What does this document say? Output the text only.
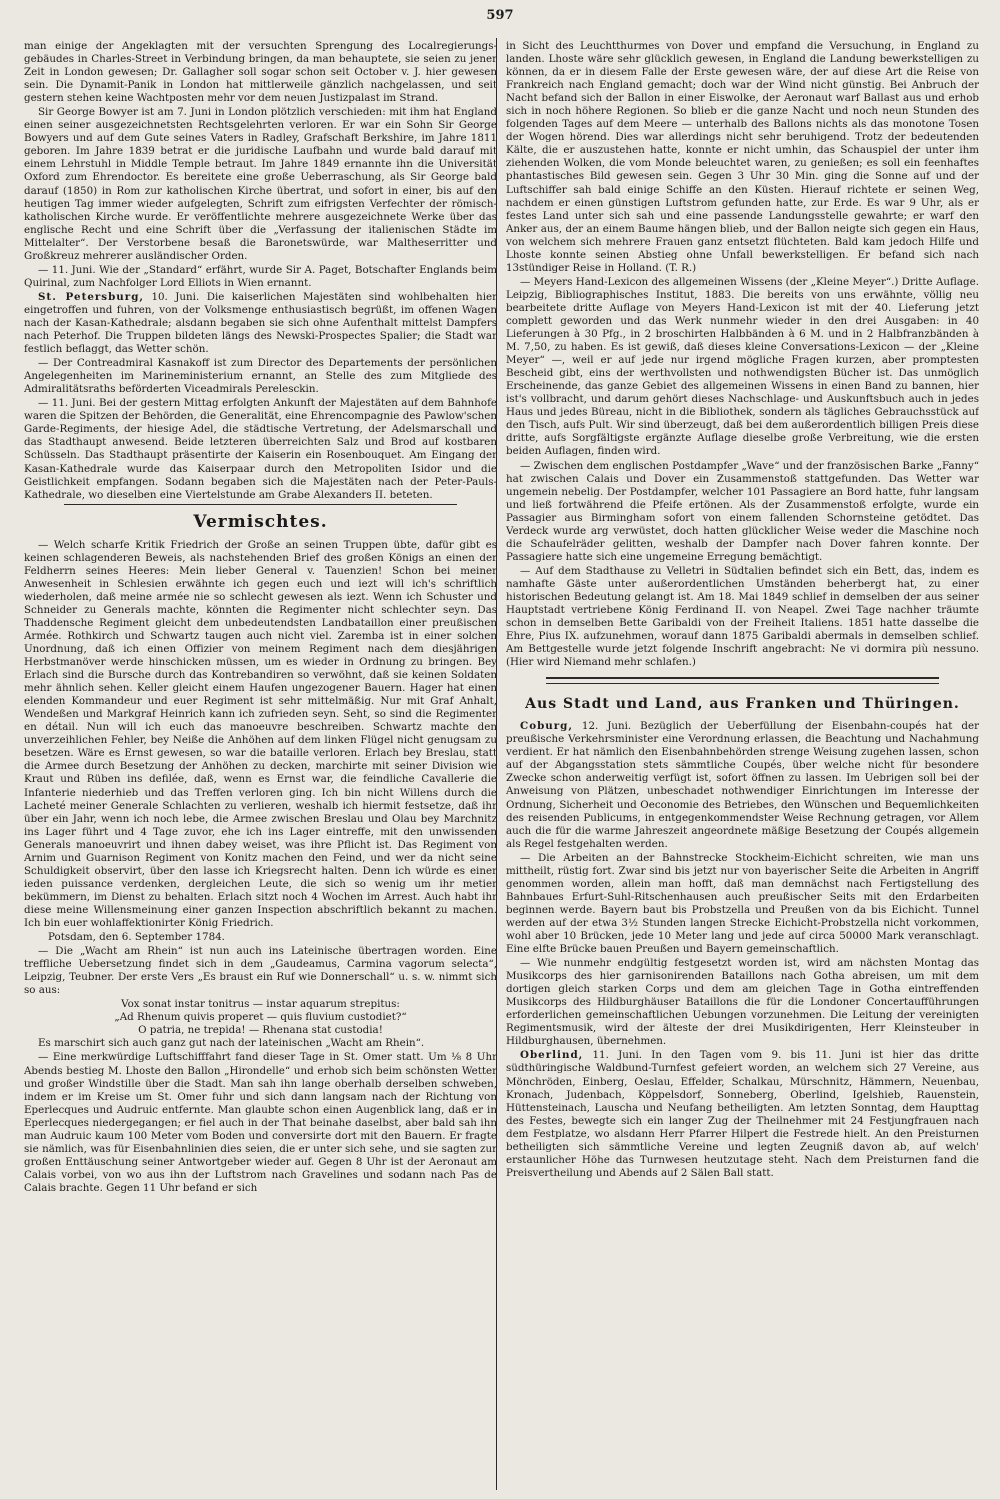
597

man einige der Angeklagten mit der versuchten Sprengung des Localregierungs-gebäudes in Charles-Street in Verbindung bringen, da man behauptete, sie seien zu jener Zeit in London gewesen; Dr. Gallagher soll sogar schon seit October v. J. hier gewesen sein. Die Dynamit-Panik in London hat mittlerweile gänzlich nachgelassen, und seit gestern stehen keine Wachtposten mehr vor dem neuen Justizpalast im Strand.

Sir George Bowyer ist am 7. Juni in London plötzlich verschieden: mit ihm hat England einen seiner ausgezeichnetsten Rechtsgelehrten verloren. Er war ein Sohn Sir George Bowyers und auf dem Gute seines Vaters in Radley, Grafschaft Berkshire, im Jahre 1811 geboren. Im Jahre 1839 betrat er die juridische Laufbahn und wurde bald darauf mit einem Lehrstuhl in Middle Temple betraut. Im Jahre 1849 ernannte ihn die Universität Oxford zum Ehrendoctor. Es bereitete eine große Ueberraschung, als Sir George bald darauf (1850) in Rom zur katholischen Kirche übertrat, und sofort in einer, bis auf den heutigen Tag immer wieder aufgelegten, Schrift zum eifrigsten Verfechter der römisch-katholischen Kirche wurde. Er veröffentlichte mehrere ausgezeichnete Werke über das englische Recht und eine Schrift über die „Verfassung der italienischen Städte im Mittelalter“. Der Verstorbene besaß die Baronetswürde, war Maltheserritter und Großkreuz mehrerer ausländischer Orden.

— 11. Juni. Wie der „Standard“ erfährt, wurde Sir A. Paget, Botschafter Englands beim Quirinal, zum Nachfolger Lord Elliots in Wien ernannt.

St. Petersburg, 10. Juni. Die kaiserlichen Majestäten sind wohlbehalten hier eingetroffen und fuhren, von der Volksmenge enthusiastisch begrüßt, im offenen Wagen nach der Kasan-Kathedrale; alsdann begaben sie sich ohne Aufenthalt mittelst Dampfers nach Peterhof. Die Truppen bildeten längs des Newski-Prospectes Spalier; die Stadt war festlich beflaggt, das Wetter schön.

— Der Contreadmiral Kasnakoff ist zum Director des Departements der persönlichen Angelegenheiten im Marineministerium ernannt, an Stelle des zum Mitgliede des Admiralitätsraths beförderten Viceadmirals Perelesckin.

— 11. Juni. Bei der gestern Mittag erfolgten Ankunft der Majestäten auf dem Bahnhofe waren die Spitzen der Behörden, die Generalität, eine Ehrencompagnie des Pawlow'schen Garde-Regiments, der hiesige Adel, die städtische Vertretung, der Adelsmarschall und das Stadthaupt anwesend. Beide letzteren überreichten Salz und Brod auf kostbaren Schüsseln. Das Stadthaupt präsentirte der Kaiserin ein Rosenbouquet. Am Eingang der Kasan-Kathedrale wurde das Kaiserpaar durch den Metropoliten Isidor und die Geistlichkeit empfangen. Sodann begaben sich die Majestäten nach der Peter-Pauls-Kathedrale, wo dieselben eine Viertelstunde am Grabe Alexanders II. beteten.

Vermischtes.

— Welch scharfe Kritik Friedrich der Große an seinen Truppen übte, dafür gibt es keinen schlagenderen Beweis, als nachstehenden Brief des großen Königs an einen der Feldherrn seines Heeres: Mein lieber General v. Tauenzien! Schon bei meiner Anwesenheit in Schlesien erwähnte ich gegen euch und iezt will ich's schriftlich wiederholen, daß meine armée nie so schlecht gewesen als iezt. Wenn ich Schuster und Schneider zu Generals machte, könnten die Regimenter nicht schlechter seyn. Das Thaddensche Regiment gleicht dem unbedeutendsten Landbataillon einer preußischen Armée. Rothkirch und Schwartz taugen auch nicht viel. Zaremba ist in einer solchen Unordnung, daß ich einen Offizier von meinem Regiment nach dem diesjährigen Herbstmanöver werde hinschicken müssen, um es wieder in Ordnung zu bringen. Bey Erlach sind die Bursche durch das Kontrebandiren so verwöhnt, daß sie keinen Soldaten mehr ähnlich sehen. Keller gleicht einem Haufen ungezogener Bauern. Hager hat einen elenden Kommandeur und euer Regiment ist sehr mittelmäßig. Nur mit Graf Anhalt, Wendeßen und Markgraf Heinrich kann ich zufrieden seyn. Seht, so sind die Regimenter en détail. Nun will ich euch das manoeuvre beschreiben. Schwartz machte den unverzeihlichen Fehler, bey Neiße die Anhöhen auf dem linken Flügel nicht genugsam zu besetzen. Wäre es Ernst gewesen, so war die bataille verloren. Erlach bey Breslau, statt die Armee durch Besetzung der Anhöhen zu decken, marchirte mit seiner Division wie Kraut und Rüben ins defilée, daß, wenn es Ernst war, die feindliche Cavallerie die Infanterie niederhieb und das Treffen verloren ging. Ich bin nicht Willens durch die Lacheté meiner Generale Schlachten zu verlieren, weshalb ich hiermit festsetze, daß ihr über ein Jahr, wenn ich noch lebe, die Armee zwischen Breslau und Olau bey Marchnitz ins Lager führt und 4 Tage zuvor, ehe ich ins Lager eintreffe, mit den unwissenden Generals manoeuvrirt und ihnen dabey weiset, was ihre Pflicht ist. Das Regiment von Arnim und Guarnison Regiment von Konitz machen den Feind, und wer da nicht seine Schuldigkeit observirt, über den lasse ich Kriegsrecht halten. Denn ich würde es einer ieden puissance verdenken, dergleichen Leute, die sich so wenig um ihr metier bekümmern, im Dienst zu behalten. Erlach sitzt noch 4 Wochen im Arrest. Auch habt ihr diese meine Willensmeinung einer ganzen Inspection abschriftlich bekannt zu machen. Ich bin euer wohlaffektionirter König Friedrich.

Potsdam, den 6. September 1784.

— Die „Wacht am Rhein“ ist nun auch ins Lateinische übertragen worden. Eine treffliche Uebersetzung findet sich in dem „Gaudeamus, Carmina vagorum selecta“, Leipzig, Teubner. Der erste Vers „Es braust ein Ruf wie Donnerschall“ u. s. w. nimmt sich so aus:

Vox sonat instar tonitrus — instar aquarum strepitus:

„Ad Rhenum quivis properet — quis fluvium custodiet?“

O patria, ne trepida! — Rhenana stat custodia!

Es marschirt sich auch ganz gut nach der lateinischen „Wacht am Rhein“.

— Eine merkwürdige Luftschifffahrt fand dieser Tage in St. Omer statt. Um ⅛ 8 Uhr Abends bestieg M. Lhoste den Ballon „Hirondelle“ und erhob sich beim schönsten Wetter und großer Windstille über die Stadt. Man sah ihn lange oberhalb derselben schweben, indem er im Kreise um St. Omer fuhr und sich dann langsam nach der Richtung von Eperlecques und Audruic entfernte. Man glaubte schon einen Augenblick lang, daß er in Eperlecques niedergegangen; er fiel auch in der That beinahe daselbst, aber bald sah ihn man Audruic kaum 100 Meter vom Boden und conversirte dort mit den Bauern. Er fragte sie nämlich, was für Eisenbahnlinien dies seien, die er unter sich sehe, und sie sagten zur großen Enttäuschung seiner Antwortgeber wieder auf. Gegen 8 Uhr ist der Aeronaut am Calais vorbei, von wo aus ihn der Luftstrom nach Gravelines und sodann nach Pas de Calais brachte. Gegen 11 Uhr befand er sich

in Sicht des Leuchtthurmes von Dover und empfand die Versuchung, in England zu landen. Lhoste wäre sehr glücklich gewesen, in England die Landung bewerkstelligen zu können, da er in diesem Falle der Erste gewesen wäre, der auf diese Art die Reise von Frankreich nach England gemacht; doch war der Wind nicht günstig. Bei Anbruch der Nacht befand sich der Ballon in einer Eiswolke, der Aeronaut warf Ballast aus und erhob sich in noch höhere Regionen. So blieb er die ganze Nacht und noch neun Stunden des folgenden Tages auf dem Meere — unterhalb des Ballons nichts als das monotone Tosen der Wogen hörend. Dies war allerdings nicht sehr beruhigend. Trotz der bedeutenden Kälte, die er auszustehen hatte, konnte er nicht umhin, das Schauspiel der unter ihm ziehenden Wolken, die vom Monde beleuchtet waren, zu genießen; es soll ein feenhaftes phantastisches Bild gewesen sein. Gegen 3 Uhr 30 Min. ging die Sonne auf und der Luftschiffer sah bald einige Schiffe an den Küsten. Hierauf richtete er seinen Weg, nachdem er einen günstigen Luftstrom gefunden hatte, zur Erde. Es war 9 Uhr, als er festes Land unter sich sah und eine passende Landungsstelle gewahrte; er warf den Anker aus, der an einem Baume hängen blieb, und der Ballon neigte sich gegen ein Haus, von welchem sich mehrere Frauen ganz entsetzt flüchteten. Bald kam jedoch Hilfe und Lhoste konnte seinen Abstieg ohne Unfall bewerkstelligen. Er befand sich nach 13stündiger Reise in Holland. (T. R.)

— Meyers Hand-Lexicon des allgemeinen Wissens (der „Kleine Meyer“.) Dritte Auflage. Leipzig, Bibliographisches Institut, 1883. Die bereits von uns erwähnte, völlig neu bearbeitete dritte Auflage von Meyers Hand-Lexicon ist mit der 40. Lieferung jetzt complett geworden und das Werk nunmehr wieder in den drei Ausgaben: in 40 Lieferungen à 30 Pfg., in 2 broschirten Halbbänden à 6 M. und in 2 Halbfranzbänden à M. 7,50, zu haben. Es ist gewiß, daß dieses kleine Conversations-Lexicon — der „Kleine Meyer“ —, weil er auf jede nur irgend mögliche Fragen kurzen, aber promptesten Bescheid gibt, eins der werthvollsten und nothwendigsten Bücher ist. Das unmöglich Erscheinende, das ganze Gebiet des allgemeinen Wissens in einen Band zu bannen, hier ist's vollbracht, und darum gehört dieses Nachschlage- und Auskunftsbuch auch in jedes Haus und jedes Büreau, nicht in die Bibliothek, sondern als tägliches Gebrauchsstück auf den Tisch, aufs Pult. Wir sind überzeugt, daß bei dem außerordentlich billigen Preis diese dritte, aufs Sorgfältigste ergänzte Auflage dieselbe große Verbreitung, wie die ersten beiden Auflagen, finden wird.

— Zwischen dem englischen Postdampfer „Wave“ und der französischen Barke „Fanny“ hat zwischen Calais und Dover ein Zusammenstoß stattgefunden. Das Wetter war ungemein nebelig. Der Postdampfer, welcher 101 Passagiere an Bord hatte, fuhr langsam und ließ fortwährend die Pfeife ertönen. Als der Zusammenstoß erfolgte, wurde ein Passagier aus Birmingham sofort von einem fallenden Schornsteine getödtet. Das Verdeck wurde arg verwüstet, doch hatten glücklicher Weise weder die Maschine noch die Schaufelräder gelitten, weshalb der Dampfer nach Dover fahren konnte. Der Passagiere hatte sich eine ungemeine Erregung bemächtigt.

— Auf dem Stadthause zu Velletri in Südtalien befindet sich ein Bett, das, indem es namhafte Gäste unter außerordentlichen Umständen beherbergt hat, zu einer historischen Bedeutung gelangt ist. Am 18. Mai 1849 schlief in demselben der aus seiner Hauptstadt vertriebene König Ferdinand II. von Neapel. Zwei Tage nachher träumte schon in demselben Bette Garibaldi von der Freiheit Italiens. 1851 hatte dasselbe die Ehre, Pius IX. aufzunehmen, worauf dann 1875 Garibaldi abermals in demselben schlief. Am Bettgestelle wurde jetzt folgende Inschrift angebracht: Ne vi dormira più nessuno. (Hier wird Niemand mehr schlafen.)

Aus Stadt und Land, aus Franken und Thüringen.

Coburg, 12. Juni. Bezüglich der Ueberfüllung der Eisenbahn-coupés hat der preußische Verkehrsminister eine Verordnung erlassen, die Beachtung und Nachahmung verdient. Er hat nämlich den Eisenbahnbehörden strenge Weisung zugehen lassen, schon auf der Abgangsstation stets sämmtliche Coupés, über welche nicht für besondere Zwecke schon anderweitig verfügt ist, sofort öffnen zu lassen. Im Uebrigen soll bei der Anweisung von Plätzen, unbeschadet nothwendiger Einrichtungen im Interesse der Ordnung, Sicherheit und Oeconomie des Betriebes, den Wünschen und Bequemlichkeiten des reisenden Publicums, in entgegenkommendster Weise Rechnung getragen, vor Allem auch die für die warme Jahreszeit angeordnete mäßige Besetzung der Coupés allgemein als Regel festgehalten werden.

— Die Arbeiten an der Bahnstrecke Stockheim-Eichicht schreiten, wie man uns mittheilt, rüstig fort. Zwar sind bis jetzt nur von bayerischer Seite die Arbeiten in Angriff genommen worden, allein man hofft, daß man demnächst nach Fertigstellung des Bahnbaues Erfurt-Suhl-Ritschenhausen auch preußischer Seits mit den Erdarbeiten beginnen werde. Bayern baut bis Probstzella und Preußen von da bis Eichicht. Tunnel werden auf der etwa 3½ Stunden langen Strecke Eichicht-Probstzella nicht vorkommen, wohl aber 10 Brücken, jede 10 Meter lang und jede auf circa 50000 Mark veranschlagt. Eine elfte Brücke bauen Preußen und Bayern gemeinschaftlich.

— Wie nunmehr endgültig festgesetzt worden ist, wird am nächsten Montag das Musikcorps des hier garnisonirenden Bataillons nach Gotha abreisen, um mit dem dortigen gleich starken Corps und dem am gleichen Tage in Gotha eintreffenden Musikcorps des Hildburghäuser Bataillons die für die Londoner Concertaufführungen erforderlichen gemeinschaftlichen Uebungen vorzunehmen. Die Leitung der vereinigten Regimentsmusik, wird der älteste der drei Musikdirigenten, Herr Kleinsteuber in Hildburghausen, übernehmen.

Oberlind, 11. Juni. In den Tagen vom 9. bis 11. Juni ist hier das dritte südthüringische Waldbund-Turnfest gefeiert worden, an welchem sich 27 Vereine, aus Mönchröden, Einberg, Oeslau, Effelder, Schalkau, Mürschnitz, Hämmern, Neuenbau, Kronach, Judenbach, Köppelsdorf, Sonneberg, Oberlind, Igelshieb, Rauenstein, Hüttensteinach, Lauscha und Neufang betheiligten. Am letzten Sonntag, dem Haupttag des Festes, bewegte sich ein langer Zug der Theilnehmer mit 24 Festjungfrauen nach dem Festplatze, wo alsdann Herr Pfarrer Hilpert die Festrede hielt. An den Preisturnen betheiligten sich sämmtliche Vereine und legten Zeugniß davon ab, auf welch' erstaunlicher Höhe das Turnwesen heutzutage steht. Nach dem Preisturnen fand die Preisvertheilung und Abends auf 2 Sälen Ball statt.
